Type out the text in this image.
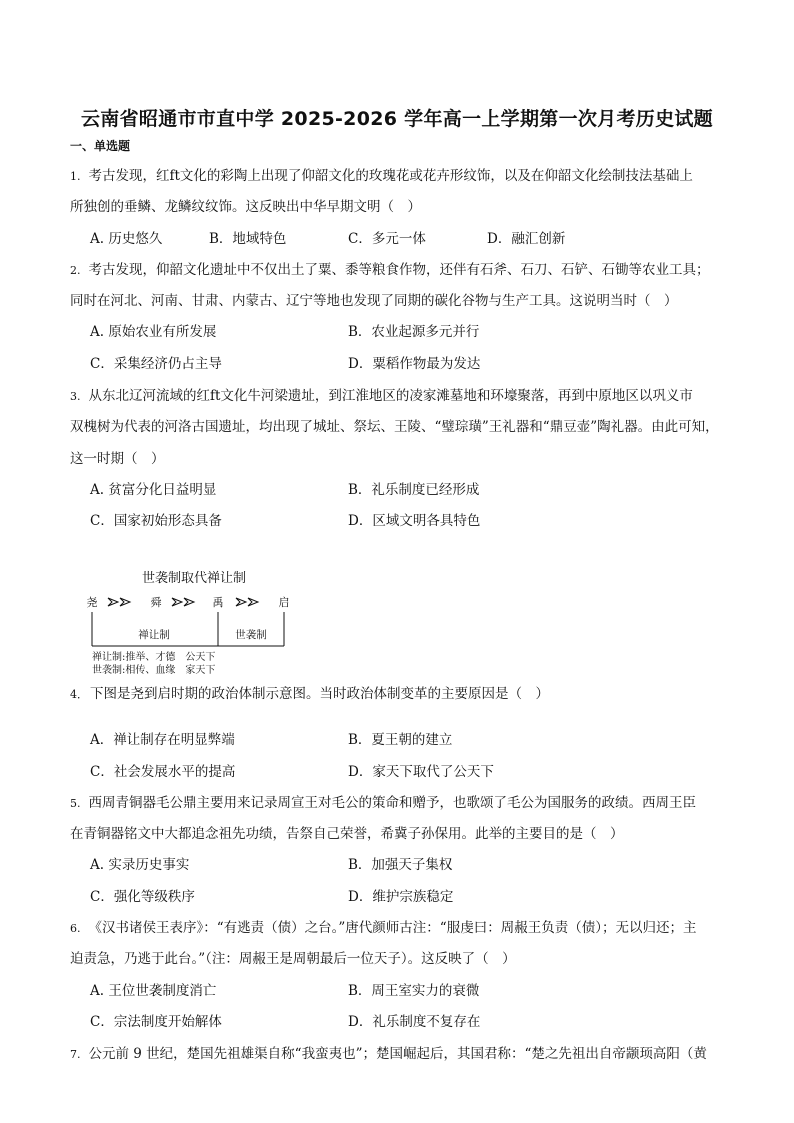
云南省昭通市市直中学 2025-2026 学年高一上学期第一次月考历史试题
一、单选题
1. 考古发现，红ft文化的彩陶上出现了仰韶文化的玫瑰花或花卉形纹饰，以及在仰韶文化绘制技法基础上
所独创的垂鳞、龙鳞纹纹饰。这反映出中华早期文明（　）
A. 历史悠久	B．地域特色	C．多元一体	D．融汇创新
2. 考古发现，仰韶文化遗址中不仅出土了粟、黍等粮食作物，还伴有石斧、石刀、石铲、石锄等农业工具；
同时在河北、河南、甘肃、内蒙古、辽宁等地也发现了同期的碳化谷物与生产工具。这说明当时（　）
A. 原始农业有所发展	B．农业起源多元并行
C．采集经济仍占主导	D．粟稻作物最为发达
3. 从东北辽河流域的红ft文化牛河梁遗址，到江淮地区的凌家滩墓地和环壕聚落，再到中原地区以巩义市
双槐树为代表的河洛古国遗址，均出现了城址、祭坛、王陵、“璧琮璜”王礼器和“鼎豆壶”陶礼器。由此可知，
这一时期（　）
A. 贫富分化日益明显	B．礼乐制度已经形成
C．国家初始形态具备	D．区域文明各具特色
世袭制取代禅让制
尧	舜	禹	启
禅让制	世袭制
禅让制:推举、才德　公天下
世袭制:相传、血缘　家天下
4． 下图是尧到启时期的政治体制示意图。当时政治体制变革的主要原因是（　）
A．禅让制存在明显弊端	B．夏王朝的建立
C．社会发展水平的提高	D．家天下取代了公天下
5. 西周青铜器毛公鼎主要用来记录周宣王对毛公的策命和赠予，也歌颂了毛公为国服务的政绩。西周王臣
在青铜器铭文中大都追念祖先功绩，告祭自己荣誉，希冀子孙保用。此举的主要目的是（　）
A. 实录历史事实	B．加强天子集权
C．强化等级秩序	D．维护宗族稳定
6. 《汉书诸侯王表序》：“有逃责（债）之台。”唐代颜师古注：“服虔曰：周赧王负责（债）；无以归还；主
迫责急，乃逃于此台。”（注：周赧王是周朝最后一位天子）。这反映了（　）
A. 王位世袭制度消亡	B．周王室实力的衰微
C．宗法制度开始解体	D．礼乐制度不复存在
7. 公元前 9 世纪，楚国先祖雄渠自称“我蛮夷也”；楚国崛起后，其国君称：“楚之先祖出自帝颛顼高阳（黄
